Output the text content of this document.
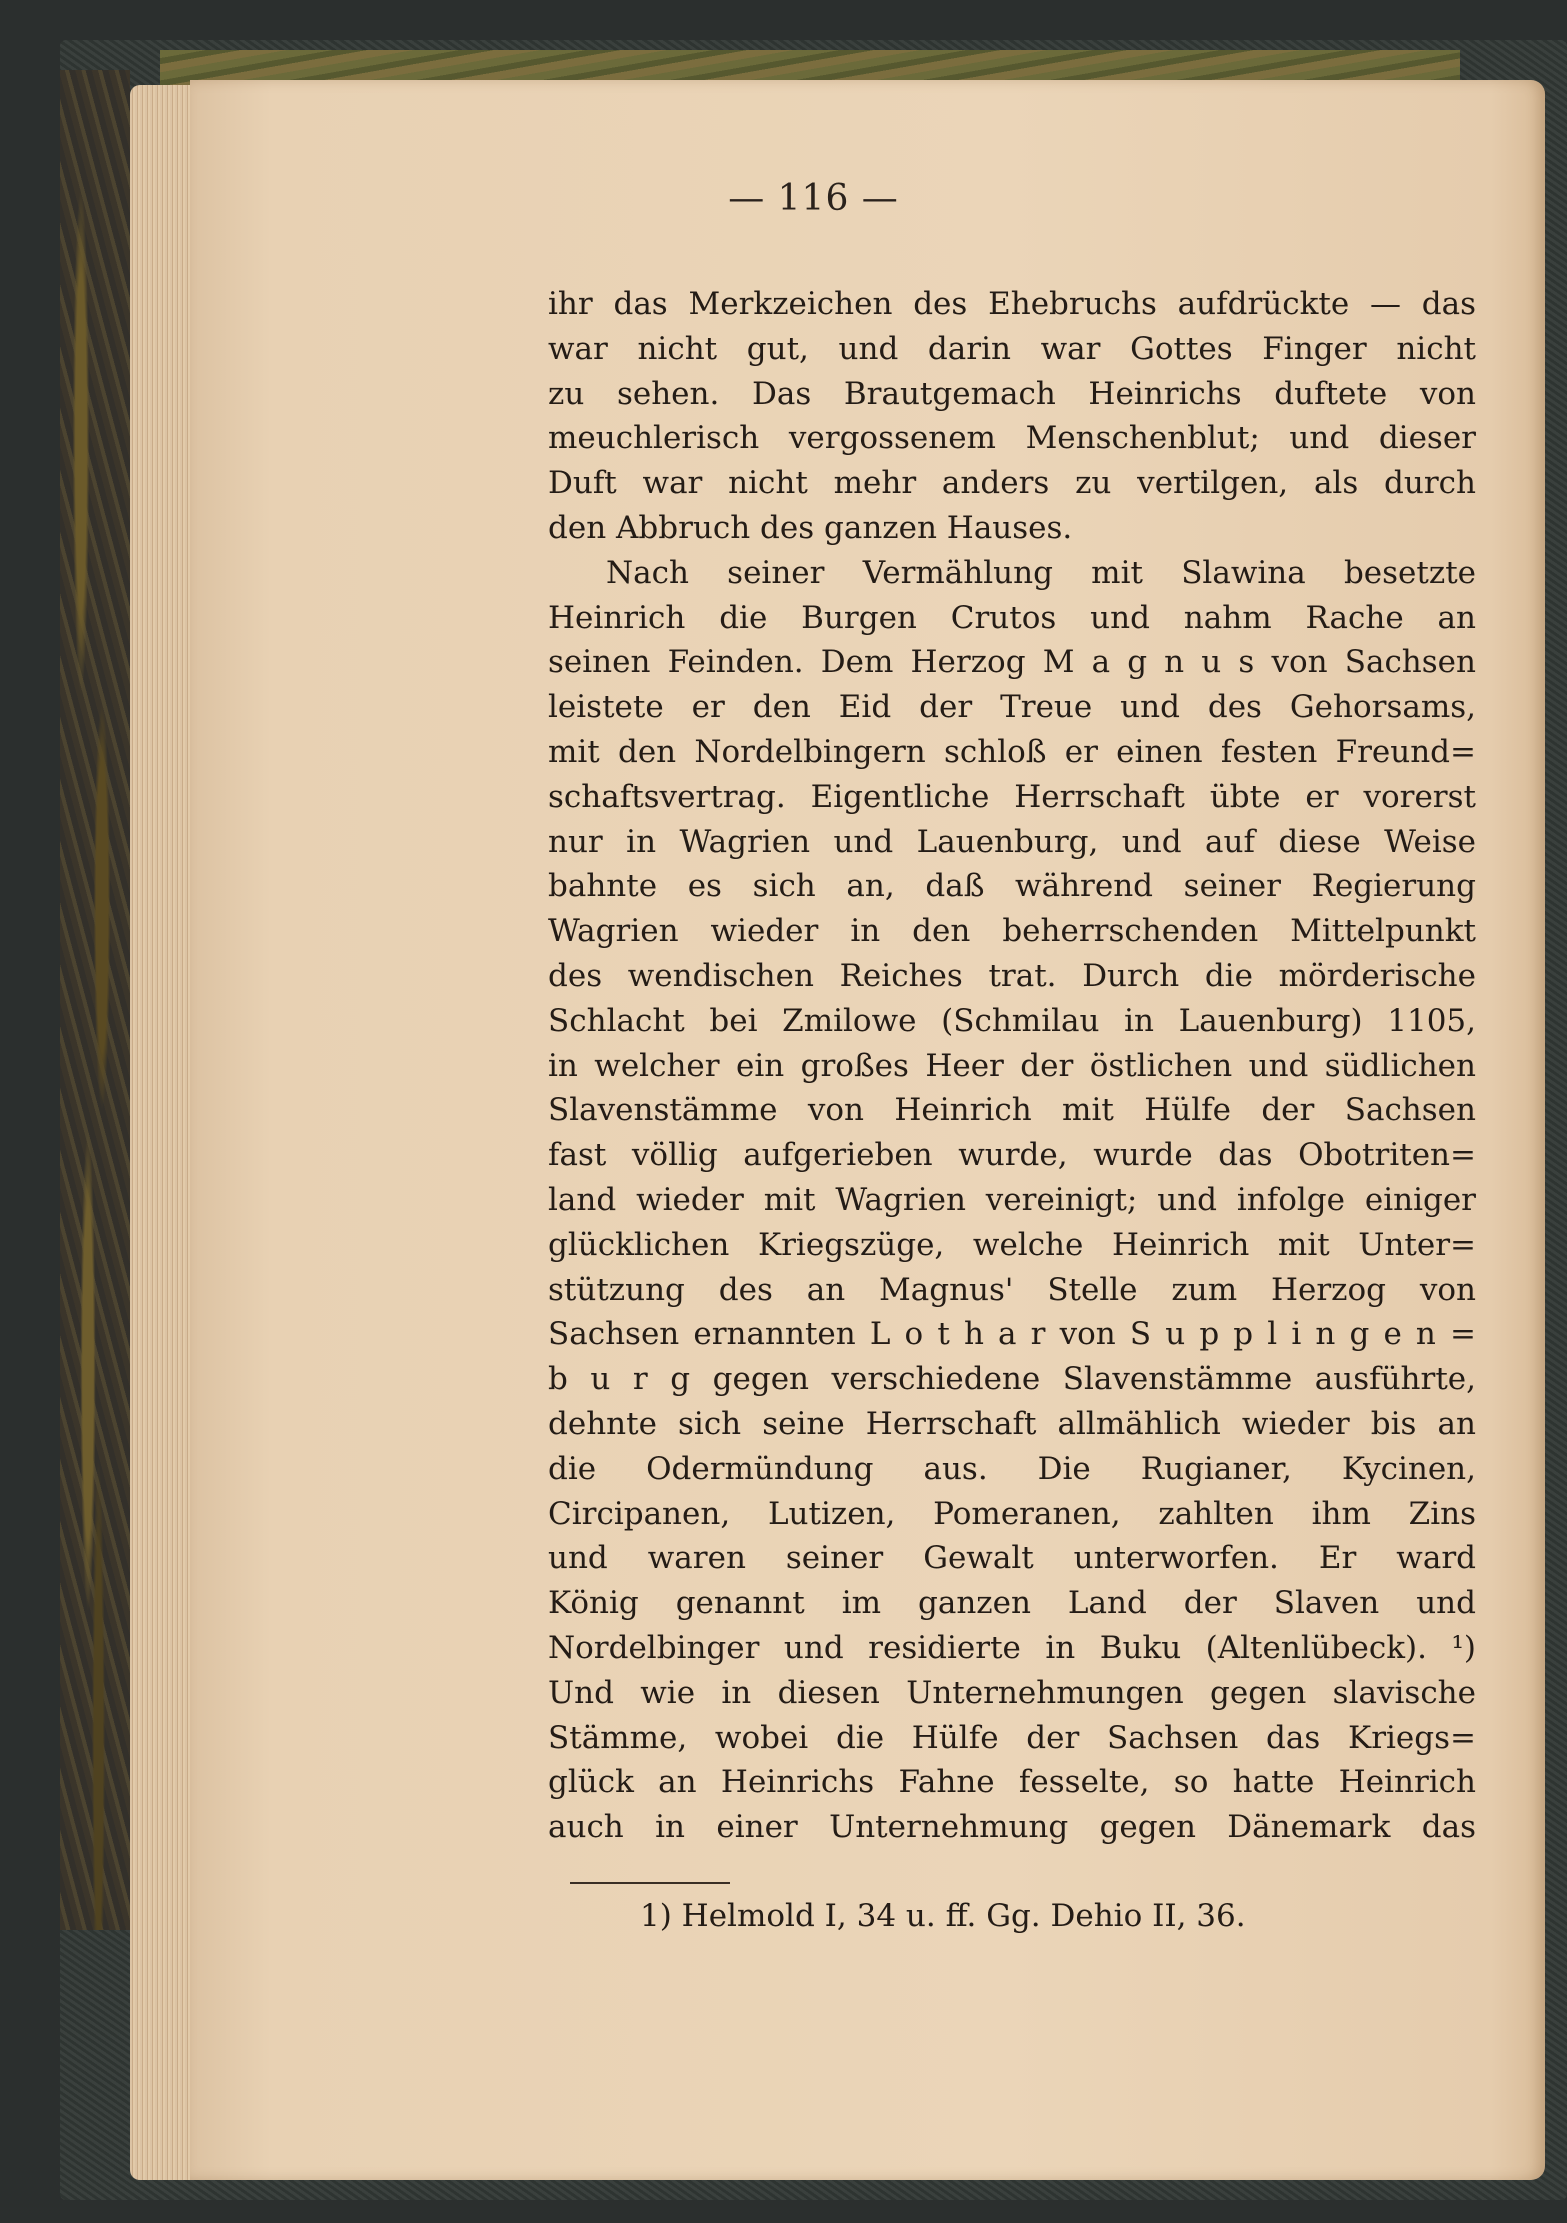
— 116 —
ihr das Merkzeichen des Ehebruchs aufdrückte — das
war nicht gut, und darin war Gottes Finger nicht
zu sehen. Das Brautgemach Heinrichs duftete von
meuchlerisch vergossenem Menschenblut; und dieser
Duft war nicht mehr anders zu vertilgen, als durch
den Abbruch des ganzen Hauses.
Nach seiner Vermählung mit Slawina besetzte
Heinrich die Burgen Crutos und nahm Rache an
seinen Feinden. Dem Herzog M a g n u s von Sachsen
leistete er den Eid der Treue und des Gehorsams,
mit den Nordelbingern schloß er einen festen Freund=
schaftsvertrag. Eigentliche Herrschaft übte er vorerst
nur in Wagrien und Lauenburg, und auf diese Weise
bahnte es sich an, daß während seiner Regierung
Wagrien wieder in den beherrschenden Mittelpunkt
des wendischen Reiches trat. Durch die mörderische
Schlacht bei Zmilowe (Schmilau in Lauenburg) 1105,
in welcher ein großes Heer der östlichen und südlichen
Slavenstämme von Heinrich mit Hülfe der Sachsen
fast völlig aufgerieben wurde, wurde das Obotriten=
land wieder mit Wagrien vereinigt; und infolge einiger
glücklichen Kriegszüge, welche Heinrich mit Unter=
stützung des an Magnus' Stelle zum Herzog von
Sachsen ernannten L o t h a r von S u p p l i n g e n =
b u r g gegen verschiedene Slavenstämme ausführte,
dehnte sich seine Herrschaft allmählich wieder bis an
die Odermündung aus. Die Rugianer, Kycinen,
Circipanen, Lutizen, Pomeranen, zahlten ihm Zins
und waren seiner Gewalt unterworfen. Er ward
König genannt im ganzen Land der Slaven und
Nordelbinger und residierte in Buku (Altenlübeck). ¹)
Und wie in diesen Unternehmungen gegen slavische
Stämme, wobei die Hülfe der Sachsen das Kriegs=
glück an Heinrichs Fahne fesselte, so hatte Heinrich
auch in einer Unternehmung gegen Dänemark das
1) Helmold I, 34 u. ff. Gg. Dehio II, 36.
